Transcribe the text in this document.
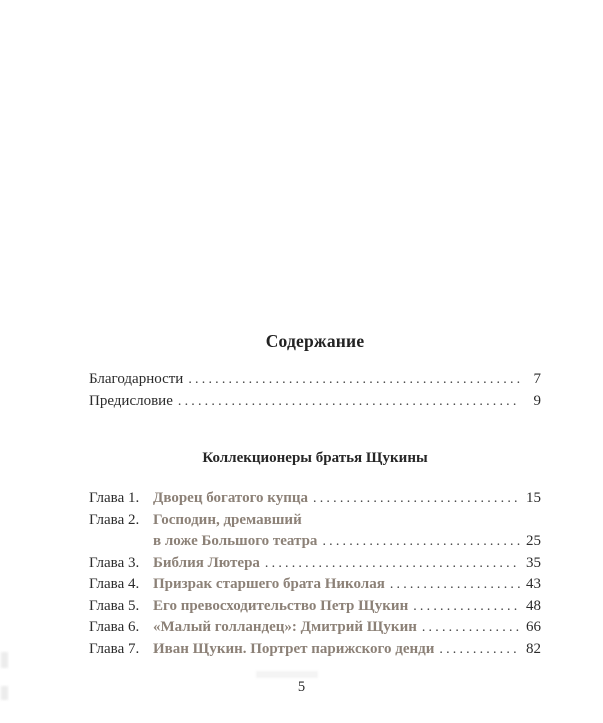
Содержание
Благодарности .....	7
Предисловие .....	9
Коллекционеры братья Щукины
Глава 1. Дворец богатого купца .....	15
Глава 2. Господин, дремавший
в ложе Большого театра .....	25
Глава 3. Библия Лютера .....	35
Глава 4. Призрак старшего брата Николая .....	43
Глава 5. Его превосходительство Петр Щукин .....	48
Глава 6. «Малый голландец»: Дмитрий Щукин .....	66
Глава 7. Иван Щукин. Портрет парижского денди .....	82
5
